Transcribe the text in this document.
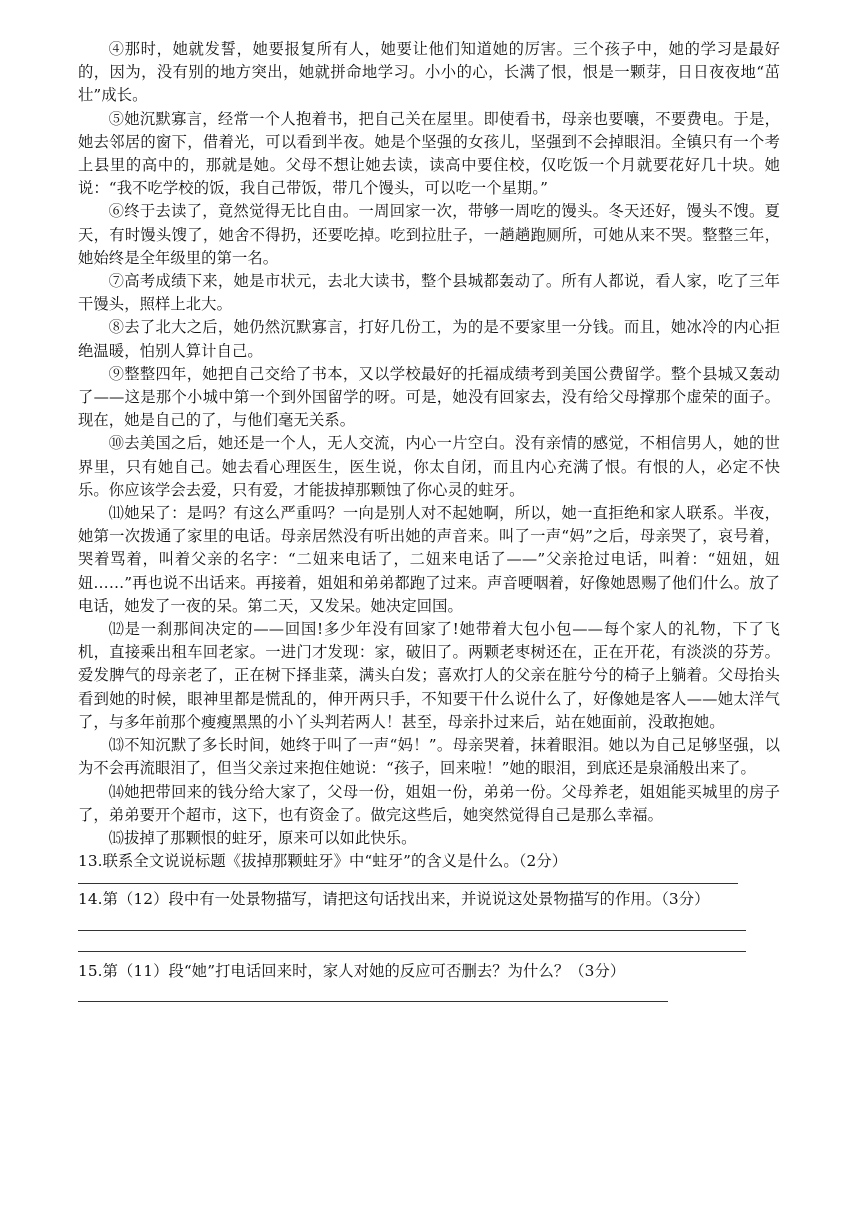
④那时，她就发誓，她要报复所有人，她要让他们知道她的厉害。三个孩子中，她的学习是最好的，因为，没有别的地方突出，她就拼命地学习。小小的心，长满了恨，恨是一颗芽，日日夜夜地“茁壮”成长。

⑤她沉默寡言，经常一个人抱着书，把自己关在屋里。即使看书，母亲也要嚷，不要费电。于是，她去邻居的窗下，借着光，可以看到半夜。她是个坚强的女孩儿，坚强到不会掉眼泪。全镇只有一个考上县里的高中的，那就是她。父母不想让她去读，读高中要住校，仅吃饭一个月就要花好几十块。她说：“我不吃学校的饭，我自己带饭，带几个馒头，可以吃一个星期。”

⑥终于去读了，竟然觉得无比自由。一周回家一次，带够一周吃的馒头。冬天还好，馒头不馊。夏天，有时馒头馊了，她舍不得扔，还要吃掉。吃到拉肚子，一趟趟跑厕所，可她从来不哭。整整三年，她始终是全年级里的第一名。

⑦高考成绩下来，她是市状元，去北大读书，整个县城都轰动了。所有人都说，看人家，吃了三年干馒头，照样上北大。

⑧去了北大之后，她仍然沉默寡言，打好几份工，为的是不要家里一分钱。而且，她冰冷的内心拒绝温暖，怕别人算计自己。

⑨整整四年，她把自己交给了书本，又以学校最好的托福成绩考到美国公费留学。整个县城又轰动了——这是那个小城中第一个到外国留学的呀。可是，她没有回家去，没有给父母撑那个虚荣的面子。现在，她是自己的了，与他们毫无关系。

⑩去美国之后，她还是一个人，无人交流，内心一片空白。没有亲情的感觉，不相信男人，她的世界里，只有她自己。她去看心理医生，医生说，你太自闭，而且内心充满了恨。有恨的人，必定不快乐。你应该学会去爱，只有爱，才能拔掉那颗蚀了你心灵的蛀牙。

⑾她呆了：是吗？有这么严重吗？一向是别人对不起她啊，所以，她一直拒绝和家人联系。半夜，她第一次拨通了家里的电话。母亲居然没有听出她的声音来。叫了一声“妈”之后，母亲哭了，哀号着，哭着骂着，叫着父亲的名字：“二妞来电话了，二妞来电话了——”父亲抢过电话，叫着：“妞妞，妞妞……”再也说不出话来。再接着，姐姐和弟弟都跑了过来。声音哽咽着，好像她恩赐了他们什么。放了电话，她发了一夜的呆。第二天，又发呆。她决定回国。

⑿是一刹那间决定的——回国!多少年没有回家了!她带着大包小包——每个家人的礼物，下了飞机，直接乘出租车回老家。一进门才发现：家，破旧了。两颗老枣树还在，正在开花，有淡淡的芬芳。爱发脾气的母亲老了，正在树下择韭菜，满头白发；喜欢打人的父亲在脏兮兮的椅子上躺着。父母抬头看到她的时候，眼神里都是慌乱的，伸开两只手，不知要干什么说什么了，好像她是客人——她太洋气了，与多年前那个瘦瘦黑黑的小丫头判若两人！甚至，母亲扑过来后，站在她面前，没敢抱她。

⒀不知沉默了多长时间，她终于叫了一声“妈！”。母亲哭着，抹着眼泪。她以为自己足够坚强，以为不会再流眼泪了，但当父亲过来抱住她说：“孩子，回来啦！”她的眼泪，到底还是泉涌般出来了。

⒁她把带回来的钱分给大家了，父母一份，姐姐一份，弟弟一份。父母养老，姐姐能买城里的房子了，弟弟要开个超市，这下，也有资金了。做完这些后，她突然觉得自己是那么幸福。

⒂拔掉了那颗恨的蛀牙，原来可以如此快乐。

13.联系全文说说标题《拔掉那颗蛀牙》中“蛀牙”的含义是什么。（2分）

14.第（12）段中有一处景物描写，请把这句话找出来，并说说这处景物描写的作用。（3分）

15.第（11）段“她”打电话回来时，家人对她的反应可否删去？为什么？（3分）
